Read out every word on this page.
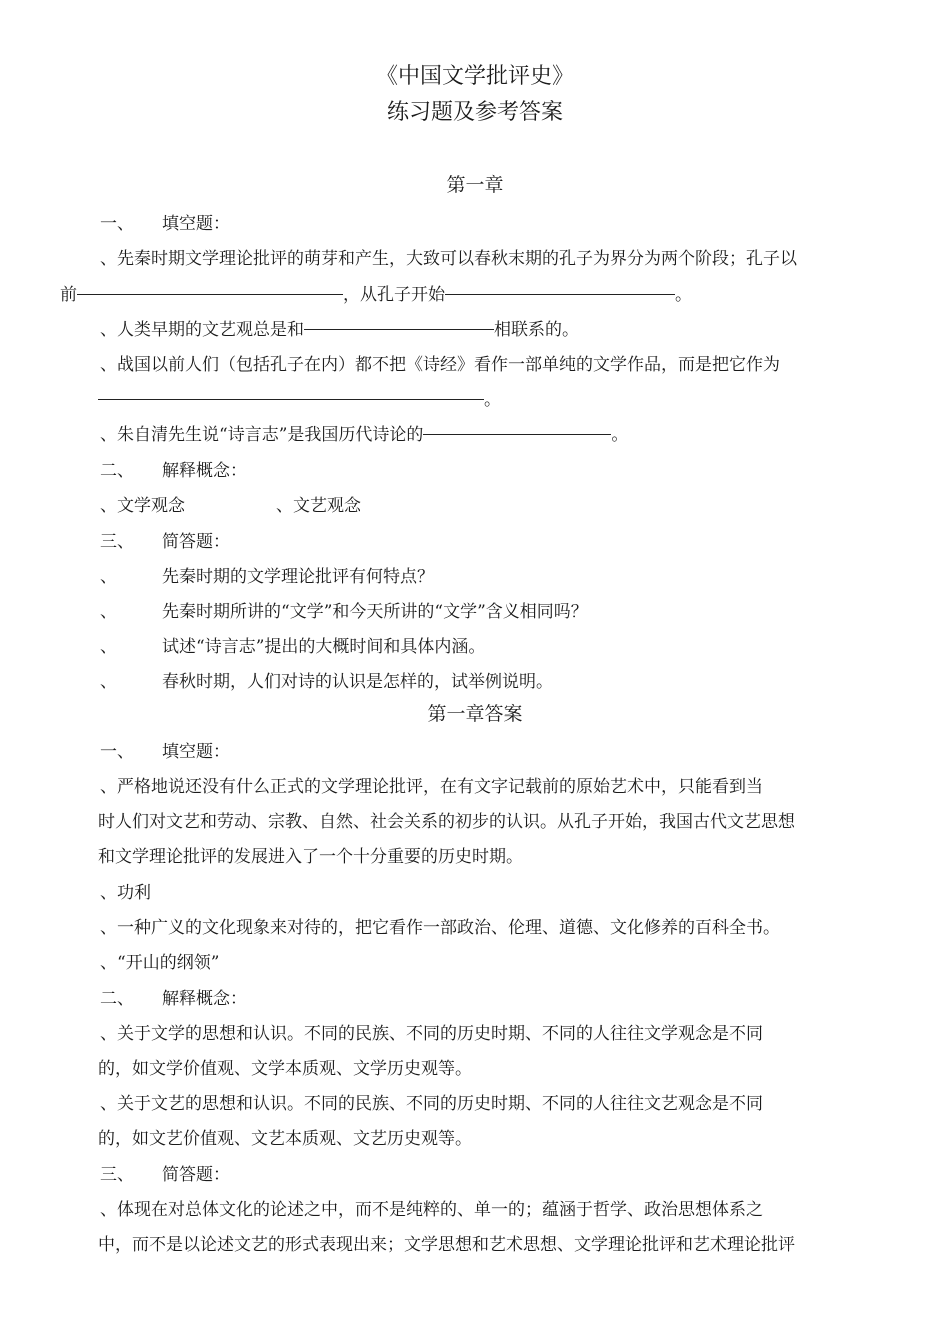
《中国文学批评史》
练习题及参考答案
第一章
一、 填空题：
、先秦时期文学理论批评的萌芽和产生，大致可以春秋末期的孔子为界分为两个阶段；孔子以
前	，从孔子开始	。
、人类早期的文艺观总是和	相联系的。
、战国以前人们（包括孔子在内）都不把《诗经》看作一部单纯的文学作品，而是把它作为
。
、朱自清先生说“诗言志”是我国历代诗论的	。
二、 解释概念：
、文学观念	、文艺观念
三、 简答题：
、	先秦时期的文学理论批评有何特点？
、	先秦时期所讲的“文学”和今天所讲的“文学”含义相同吗？
、	试述“诗言志”提出的大概时间和具体内涵。
、	春秋时期，人们对诗的认识是怎样的，试举例说明。
第一章答案
一、 填空题：
、严格地说还没有什么正式的文学理论批评，在有文字记载前的原始艺术中，只能看到当
时人们对文艺和劳动、宗教、自然、社会关系的初步的认识。从孔子开始，我国古代文艺思想
和文学理论批评的发展进入了一个十分重要的历史时期。
、功利
、一种广义的文化现象来对待的，把它看作一部政治、伦理、道德、文化修养的百科全书。
、“开山的纲领”
二、 解释概念：
、关于文学的思想和认识。不同的民族、不同的历史时期、不同的人往往文学观念是不同
的，如文学价值观、文学本质观、文学历史观等。
、关于文艺的思想和认识。不同的民族、不同的历史时期、不同的人往往文艺观念是不同
的，如文艺价值观、文艺本质观、文艺历史观等。
三、 简答题：
、体现在对总体文化的论述之中，而不是纯粹的、单一的；蕴涵于哲学、政治思想体系之
中，而不是以论述文艺的形式表现出来；文学思想和艺术思想、文学理论批评和艺术理论批评
